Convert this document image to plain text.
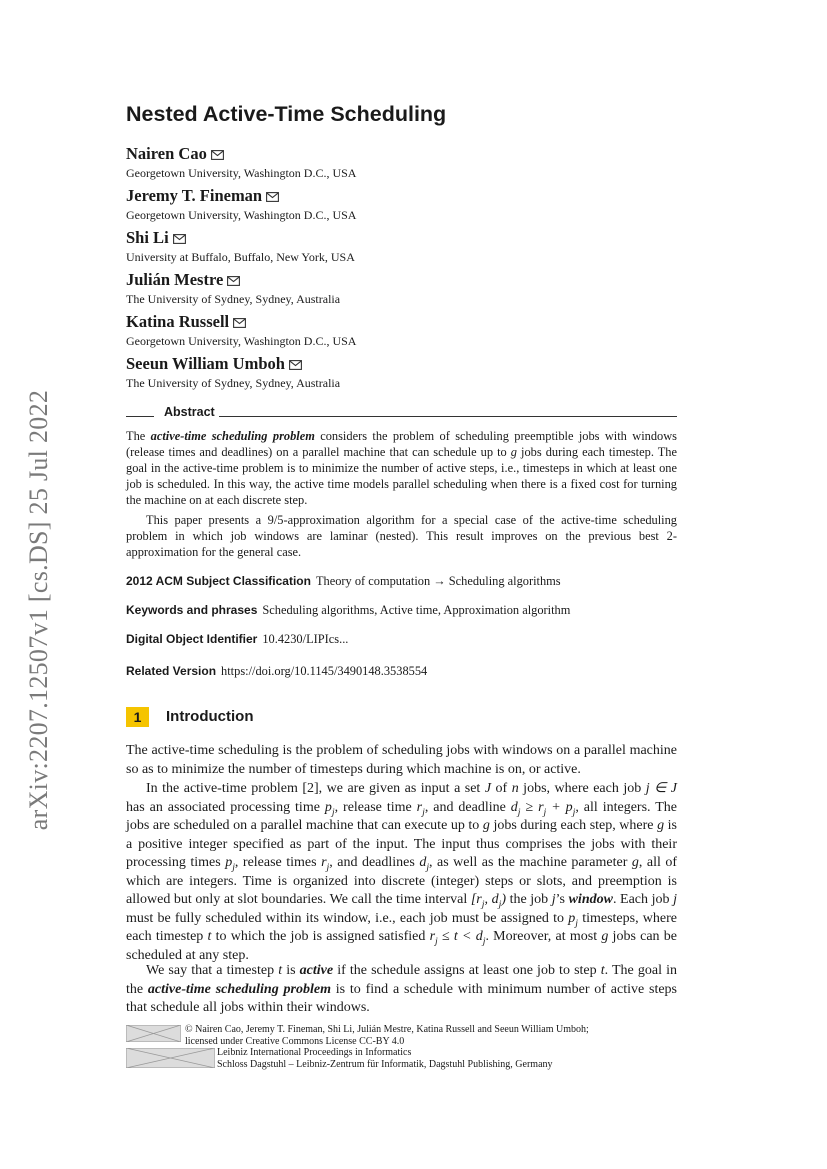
arXiv:2207.12507v1 [cs.DS] 25 Jul 2022
Nested Active-Time Scheduling
Nairen Cao
Georgetown University, Washington D.C., USA
Jeremy T. Fineman
Georgetown University, Washington D.C., USA
Shi Li
University at Buffalo, Buffalo, New York, USA
Julián Mestre
The University of Sydney, Sydney, Australia
Katina Russell
Georgetown University, Washington D.C., USA
Seeun William Umboh
The University of Sydney, Sydney, Australia
Abstract

The active-time scheduling problem considers the problem of scheduling preemptible jobs with windows (release times and deadlines) on a parallel machine that can schedule up to g jobs during each timestep. The goal in the active-time problem is to minimize the number of active steps, i.e., timesteps in which at least one job is scheduled. In this way, the active time models parallel scheduling when there is a fixed cost for turning the machine on at each discrete step.

This paper presents a 9/5-approximation algorithm for a special case of the active-time scheduling problem in which job windows are laminar (nested). This result improves on the previous best 2-approximation for the general case.

2012 ACM Subject Classification Theory of computation → Scheduling algorithms
Keywords and phrases Scheduling algorithms, Active time, Approximation algorithm
Digital Object Identifier 10.4230/LIPIcs...
Related Version https://doi.org/10.1145/3490148.3538554
1	Introduction

The active-time scheduling is the problem of scheduling jobs with windows on a parallel machine so as to minimize the number of timesteps during which machine is on, or active.

In the active-time problem [2], we are given as input a set J of n jobs, where each job j ∈ J has an associated processing time $p_j$, release time $r_j$, and deadline $d_j \ge r_j + p_j$, all integers. The jobs are scheduled on a parallel machine that can execute up to g jobs during each step, where g is a positive integer specified as part of the input. The input thus comprises the jobs with their processing times $p_j$, release times $r_j$, and deadlines $d_j$, as well as the machine parameter g, all of which are integers. Time is organized into discrete (integer) steps or slots, and preemption is allowed but only at slot boundaries. We call the time interval [$r_j$, $d_j$) the job j’s window. Each job j must be fully scheduled within its window, i.e., each job must be assigned to $p_j$ timesteps, where each timestep t to which the job is assigned satisfied $r_j \le t < d_j$. Moreover, at most g jobs can be scheduled at any step.

We say that a timestep t is active if the schedule assigns at least one job to step t. The goal in the active-time scheduling problem is to find a schedule with minimum number of active steps that schedule all jobs within their windows.

© Nairen Cao, Jeremy T. Fineman, Shi Li, Julián Mestre, Katina Russell and Seeun William Umboh;
licensed under Creative Commons License CC-BY 4.0
Leibniz International Proceedings in Informatics
Schloss Dagstuhl – Leibniz-Zentrum für Informatik, Dagstuhl Publishing, Germany
